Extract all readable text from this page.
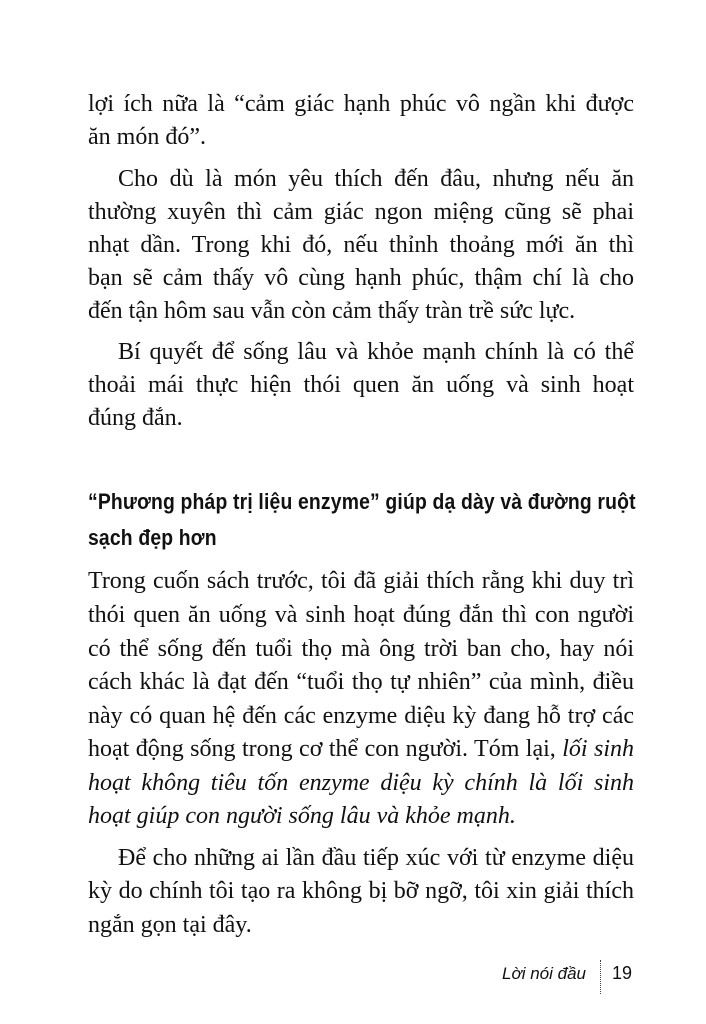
lợi ích nữa là “cảm giác hạnh phúc vô ngần khi được
ăn món đó”.
Cho dù là món yêu thích đến đâu, nhưng nếu ăn
thường xuyên thì cảm giác ngon miệng cũng sẽ phai
nhạt dần. Trong khi đó, nếu thỉnh thoảng mới ăn thì
bạn sẽ cảm thấy vô cùng hạnh phúc, thậm chí là cho
đến tận hôm sau vẫn còn cảm thấy tràn trề sức lực.
Bí quyết để sống lâu và khỏe mạnh chính là có thể
thoải mái thực hiện thói quen ăn uống và sinh hoạt
đúng đắn.
“Phương pháp trị liệu enzyme” giúp dạ dày và đường ruột
sạch đẹp hơn
Trong cuốn sách trước, tôi đã giải thích rằng khi duy trì
thói quen ăn uống và sinh hoạt đúng đắn thì con người
có thể sống đến tuổi thọ mà ông trời ban cho, hay nói
cách khác là đạt đến “tuổi thọ tự nhiên” của mình, điều
này có quan hệ đến các enzyme diệu kỳ đang hỗ trợ các
hoạt động sống trong cơ thể con người. Tóm lại, lối sinh
hoạt không tiêu tốn enzyme diệu kỳ chính là lối sinh
hoạt giúp con người sống lâu và khỏe mạnh.
Để cho những ai lần đầu tiếp xúc với từ enzyme diệu
kỳ do chính tôi tạo ra không bị bỡ ngỡ, tôi xin giải thích
ngắn gọn tại đây.
Lời nói đầu 19
